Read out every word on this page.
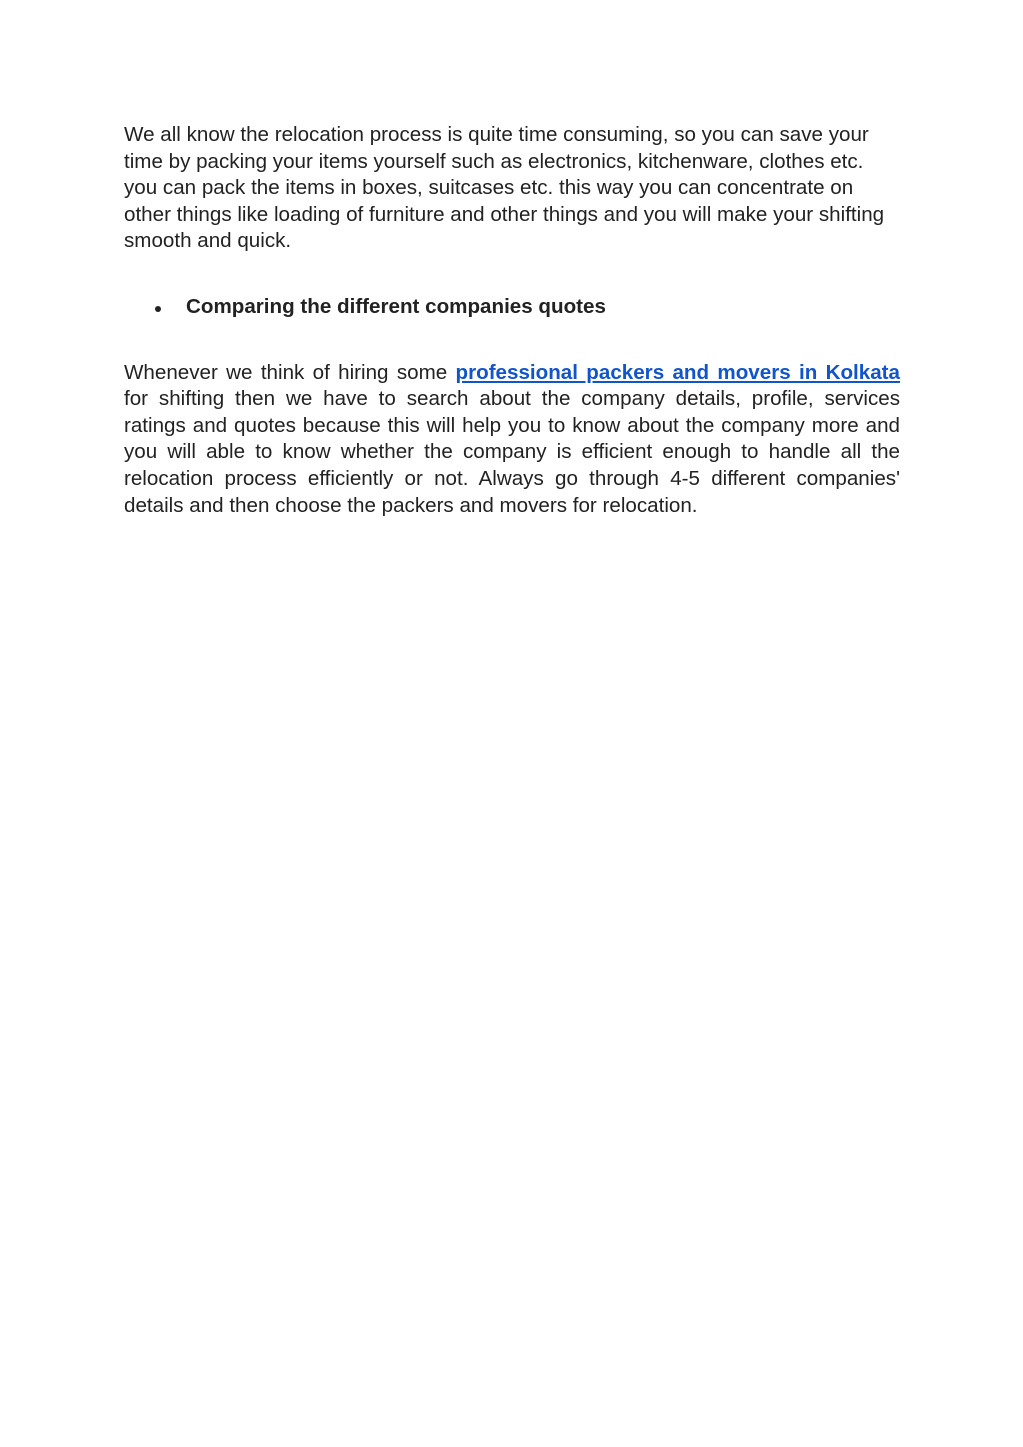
We all know the relocation process is quite time consuming, so you can save your time by packing your items yourself such as electronics, kitchenware, clothes etc. you can pack the items in boxes, suitcases etc. this way you can concentrate on other things like loading of furniture and other things and you will make your shifting smooth and quick.

Comparing the different companies quotes

Whenever we think of hiring some professional packers and movers in Kolkata for shifting then we have to search about the company details, profile, services ratings and quotes because this will help you to know about the company more and you will able to know whether the company is efficient enough to handle all the relocation process efficiently or not. Always go through 4-5 different companies' details and then choose the packers and movers for relocation.
